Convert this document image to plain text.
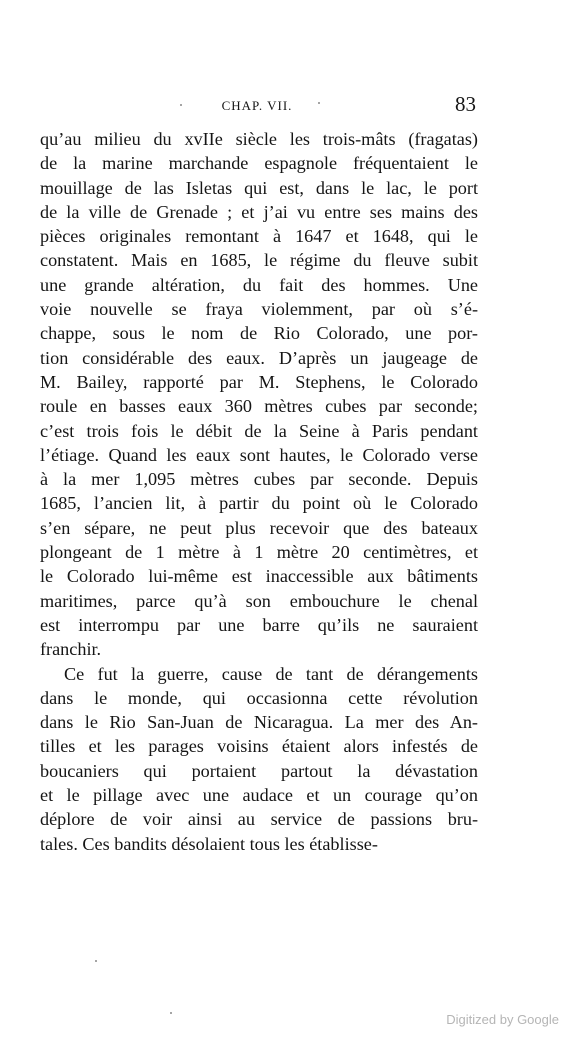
CHAP. VII.	83

qu’au milieu du xvIIe siècle les trois-mâts (fragatas)
de la marine marchande espagnole fréquentaient le
mouillage de las Isletas qui est, dans le lac, le port
de la ville de Grenade ; et j’ai vu entre ses mains des
pièces originales remontant à 1647 et 1648, qui le
constatent. Mais en 1685, le régime du fleuve subit
une grande altération, du fait des hommes. Une
voie nouvelle se fraya violemment, par où s’é-
chappe, sous le nom de Rio Colorado, une por-
tion considérable des eaux. D’après un jaugeage de
M. Bailey, rapporté par M. Stephens, le Colorado
roule en basses eaux 360 mètres cubes par seconde;
c’est trois fois le débit de la Seine à Paris pendant
l’étiage. Quand les eaux sont hautes, le Colorado verse
à la mer 1,095 mètres cubes par seconde. Depuis
1685, l’ancien lit, à partir du point où le Colorado
s’en sépare, ne peut plus recevoir que des bateaux
plongeant de 1 mètre à 1 mètre 20 centimètres, et
le Colorado lui-même est inaccessible aux bâtiments
maritimes, parce qu’à son embouchure le chenal
est interrompu par une barre qu’ils ne sauraient
franchir.

Ce fut la guerre, cause de tant de dérangements
dans le monde, qui occasionna cette révolution
dans le Rio San-Juan de Nicaragua. La mer des An-
tilles et les parages voisins étaient alors infestés de
boucaniers qui portaient partout la dévastation
et le pillage avec une audace et un courage qu’on
déplore de voir ainsi au service de passions bru-
tales. Ces bandits désolaient tous les établisse-

Digitized by Google
